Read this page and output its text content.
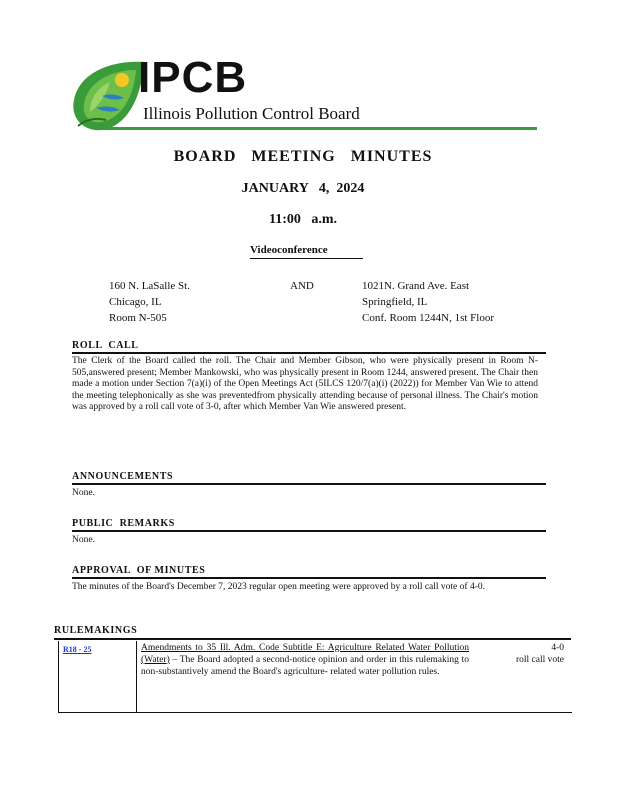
IPCB
Illinois Pollution Control Board
BOARD   MEETING   MINUTES
JANUARY   4,  2024
11:00   a.m.
Videoconference
160 N. LaSalle St.
Chicago, IL
Room N-505
AND	1021N. Grand Ave. East
Springfield, IL
Conf. Room 1244N, 1st Floor
ROLL  CALL
The Clerk of the Board called the roll. The Chair and Member Gibson, who were physically present in Room N-505,answered present; Member Mankowski, who was physically present in Room 1244, answered present. The Chair then made a motion under Section 7(a)(i) of the Open Meetings Act (5ILCS 120/7(a)(i) (2022)) for Member Van Wie to attend the meeting telephonically as she was preventedfrom physically attending because of personal illness. The Chair's motion was approved by a roll call vote of 3-0, after which Member Van Wie answered present.
ANNOUNCEMENTS
None.
PUBLIC  REMARKS
None.
APPROVAL  OF MINUTES
The minutes of the Board's December 7, 2023 regular open meeting were approved by a roll call vote of 4-0.
RULEMAKINGS
R18 - 25	Amendments to 35 Ill. Adm. Code Subtitle E: Agriculture Related Water Pollution (Water) – The Board adopted a second-notice opinion and order in this rulemaking to non-substantively amend the Board's agriculture- related water pollution rules.
4-0
roll call vote
